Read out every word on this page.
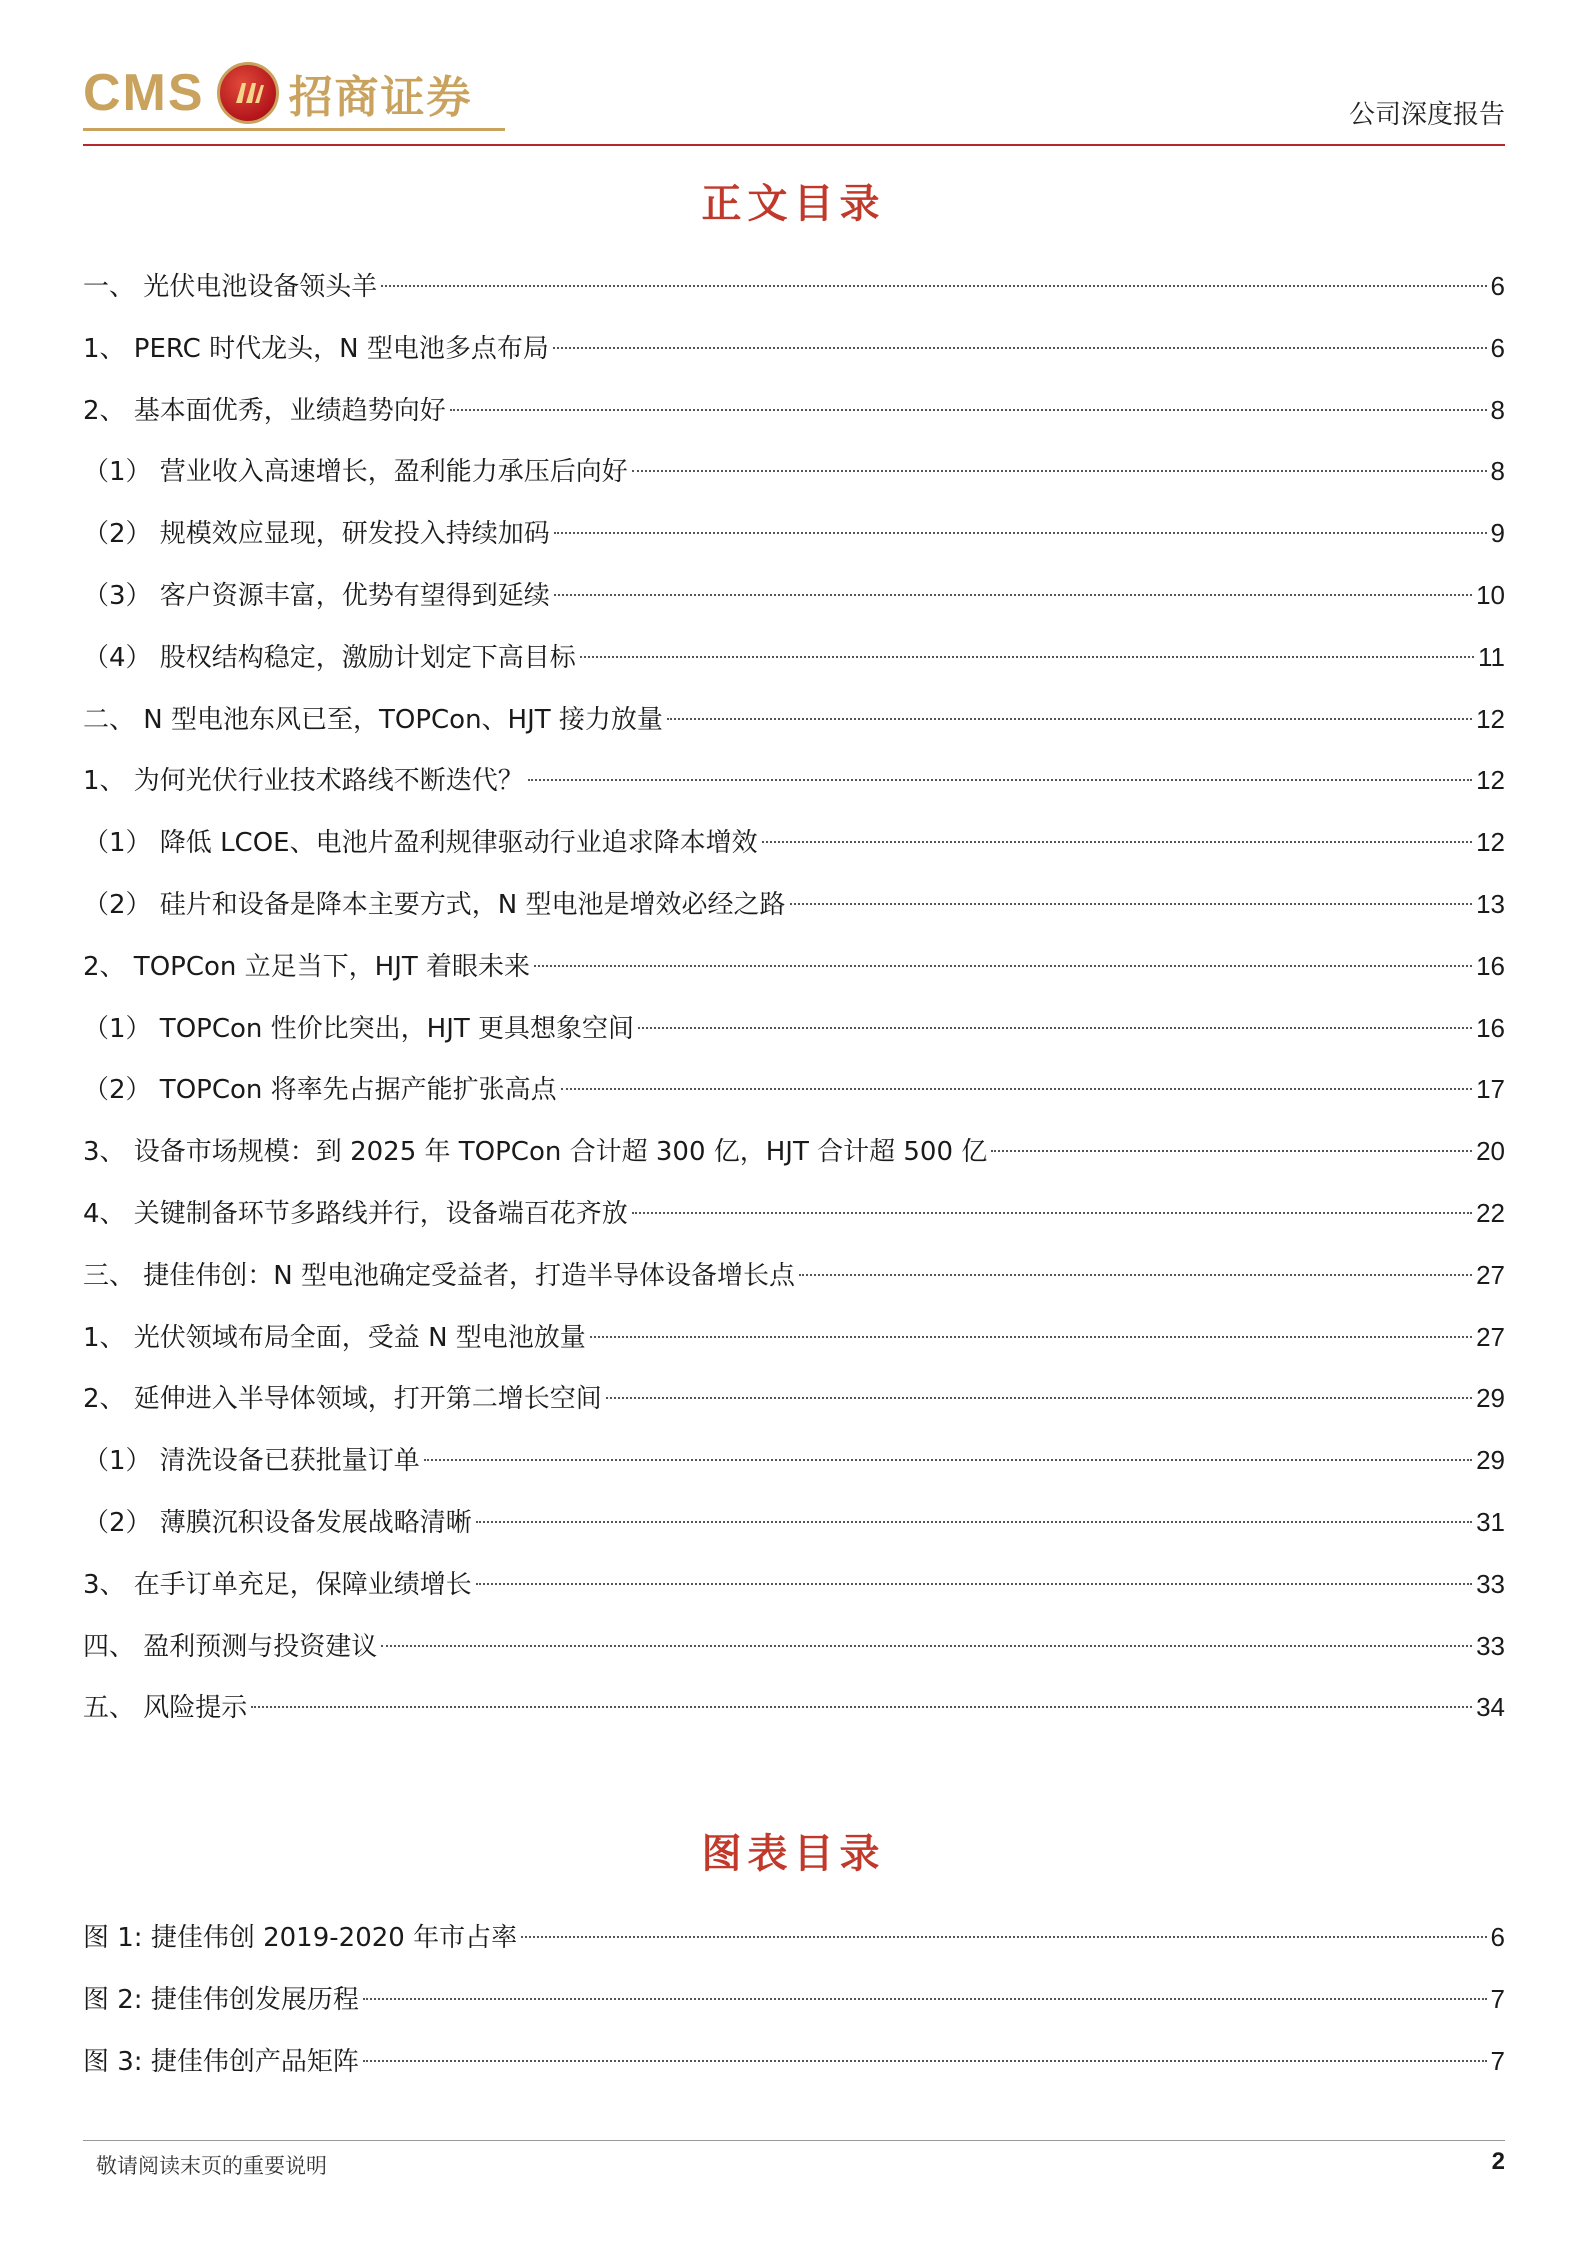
CMS 招商证券	公司深度报告
正文目录
一、 光伏电池设备领头羊	6
1、 PERC 时代龙头，N 型电池多点布局	6
2、 基本面优秀，业绩趋势向好	8
（1） 营业收入高速增长，盈利能力承压后向好	8
（2） 规模效应显现，研发投入持续加码	9
（3） 客户资源丰富，优势有望得到延续	10
（4） 股权结构稳定，激励计划定下高目标	11
二、 N 型电池东风已至，TOPCon、HJT 接力放量	12
1、 为何光伏行业技术路线不断迭代？	12
（1） 降低 LCOE、电池片盈利规律驱动行业追求降本增效	12
（2） 硅片和设备是降本主要方式，N 型电池是增效必经之路	13
2、 TOPCon 立足当下，HJT 着眼未来	16
（1） TOPCon 性价比突出，HJT 更具想象空间	16
（2） TOPCon 将率先占据产能扩张高点	17
3、 设备市场规模：到 2025 年 TOPCon 合计超 300 亿，HJT 合计超 500 亿	20
4、 关键制备环节多路线并行，设备端百花齐放	22
三、 捷佳伟创：N 型电池确定受益者，打造半导体设备增长点	27
1、 光伏领域布局全面，受益 N 型电池放量	27
2、 延伸进入半导体领域，打开第二增长空间	29
（1） 清洗设备已获批量订单	29
（2） 薄膜沉积设备发展战略清晰	31
3、 在手订单充足，保障业绩增长	33
四、 盈利预测与投资建议	33
五、 风险提示	34
图表目录
图 1: 捷佳伟创 2019-2020 年市占率	6
图 2: 捷佳伟创发展历程	7
图 3: 捷佳伟创产品矩阵	7
敬请阅读末页的重要说明	2
